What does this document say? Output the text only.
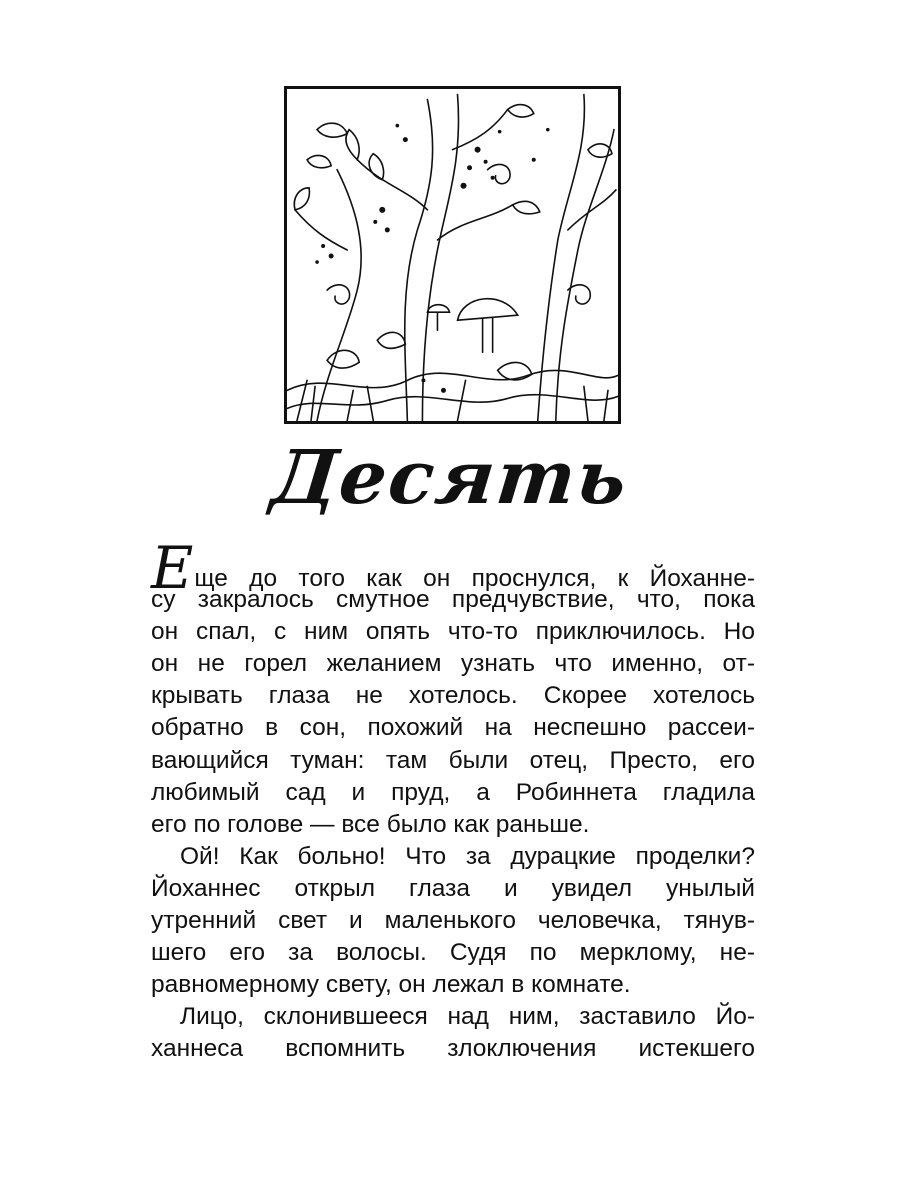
Десять

Еще до того как он проснулся, к Йоханне-
су закралось смутное предчувствие, что, пока
он спал, с ним опять что-то приключилось. Но
он не горел желанием узнать что именно, от-
крывать глаза не хотелось. Скорее хотелось
обратно в сон, похожий на неспешно рассеи-
вающийся туман: там были отец, Престо, его
любимый сад и пруд, а Робиннета гладила
его по голове — все было как раньше.

Ой! Как больно! Что за дурацкие проделки?
Йоханнес открыл глаза и увидел унылый
утренний свет и маленького человечка, тянув-
шего его за волосы. Судя по мерклому, не-
равномерному свету, он лежал в комнате.

Лицо, склонившееся над ним, заставило Йо-
ханнеса вспомнить злоключения истекшего
